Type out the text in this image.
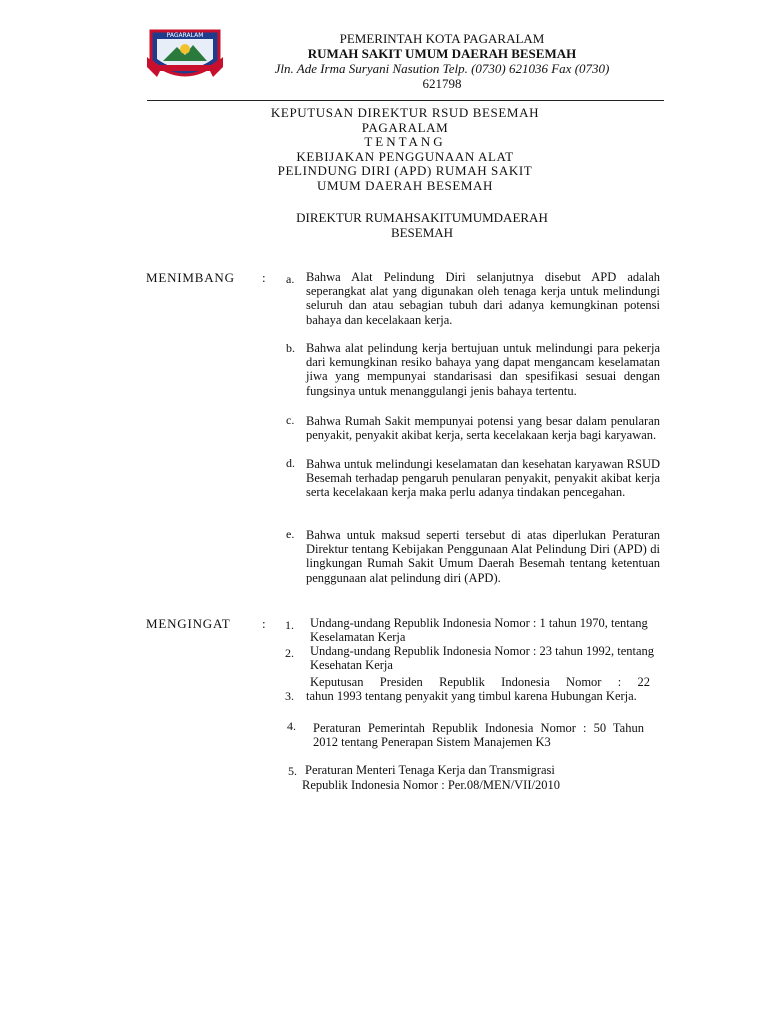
PAGARALAM	PEMERINTAH KOTA PAGARALAM
RUMAH SAKIT UMUM DAERAH BESEMAH
Jln. Ade Irma Suryani Nasution Telp. (0730) 621036 Fax (0730)
621798

KEPUTUSAN DIREKTUR RSUD BESEMAH
PAGARALAM
TENTANG
KEBIJAKAN PENGGUNAAN ALAT
PELINDUNG DIRI (APD) RUMAH SAKIT
UMUM DAERAH BESEMAH
DIREKTUR RUMAHSAKITUMUMDAERAH
BESEMAH
MENIMBANG : a. Bahwa Alat Pelindung Diri selanjutnya disebut APD adalah seperangkat alat yang digunakan oleh tenaga kerja untuk melindungi seluruh dan atau sebagian tubuh dari adanya kemungkinan potensi bahaya dan kecelakaan kerja.
b. Bahwa alat pelindung kerja bertujuan untuk melindungi para pekerja dari kemungkinan resiko bahaya yang dapat mengancam keselamatan jiwa yang mempunyai standarisasi dan spesifikasi sesuai dengan fungsinya untuk menanggulangi jenis bahaya tertentu.
c. Bahwa Rumah Sakit mempunyai potensi yang besar dalam penularan penyakit, penyakit akibat kerja, serta kecelakaan kerja bagi karyawan.
d. Bahwa untuk melindungi keselamatan dan kesehatan karyawan RSUD Besemah terhadap pengaruh penularan penyakit, penyakit akibat kerja serta kecelakaan kerja maka perlu adanya tindakan pencegahan.
e. Bahwa untuk maksud seperti tersebut di atas diperlukan Peraturan Direktur tentang Kebijakan Penggunaan Alat Pelindung Diri (APD) di lingkungan Rumah Sakit Umum Daerah Besemah tentang ketentuan penggunaan alat pelindung diri (APD).
MENGINGAT : 1. Undang-undang Republik Indonesia Nomor : 1 tahun 1970, tentang Keselamatan Kerja
2. Undang-undang Republik Indonesia Nomor : 23 tahun 1992, tentang Kesehatan Kerja
Keputusan Presiden Republik Indonesia Nomor : 22
3. tahun 1993 tentang penyakit yang timbul karena Hubungan Kerja.
4. Peraturan Pemerintah Republik Indonesia Nomor : 50 Tahun 2012 tentang Penerapan Sistem Manajemen K3
5. Peraturan Menteri Tenaga Kerja dan Transmigrasi
Republik Indonesia Nomor : Per.08/MEN/VII/2010
